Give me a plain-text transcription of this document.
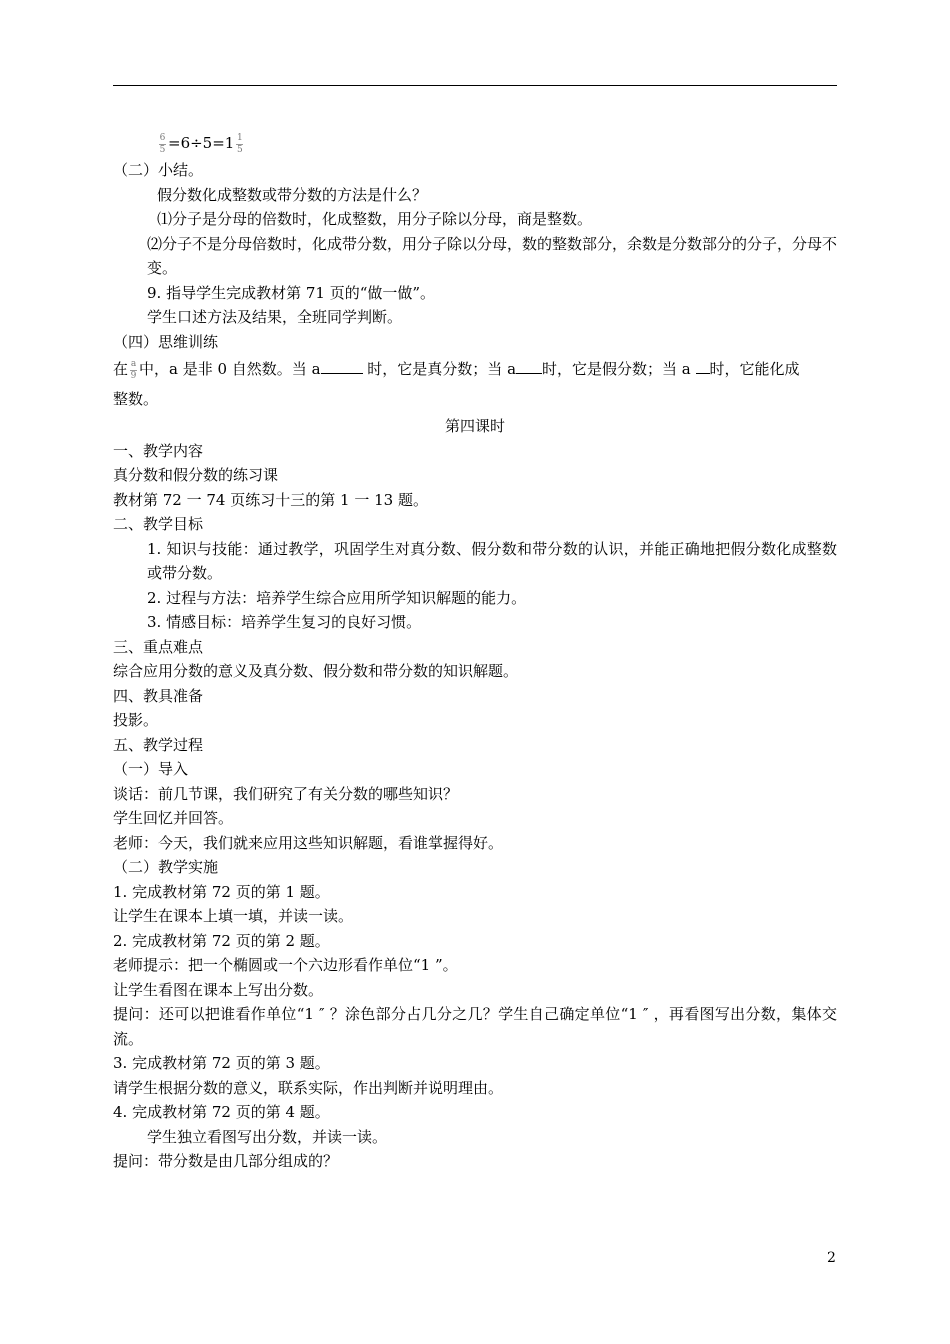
$\frac{6}{5} =6\div 5=1 \frac{1}{5}$
（二）小结。
假分数化成整数或带分数的方法是什么？
⑴分子是分母的倍数时，化成整数，用分子除以分母，商是整数。
⑵分子不是分母倍数时，化成带分数，用分子除以分母，数的整数部分，余数是分数部分的分子，分母不变。
9. 指导学生完成教材第 71 页的“做一做”。
学生口述方法及结果，全班同学判断。
（四）思维训练
在 $\frac{a}{9}$ 中，a 是非 0 自然数。当 a	时，它是真分数；当 a 时，它是假分数；当 a 时，它能化成
整数。
第四课时
一、教学内容
真分数和假分数的练习课
教材第 72 一 74 页练习十三的第 1 一 13 题。
二、教学目标
1. 知识与技能：通过教学，巩固学生对真分数、假分数和带分数的认识，并能正确地把假分数化成整数或带分数。
2. 过程与方法：培养学生综合应用所学知识解题的能力。
3. 情感目标：培养学生复习的良好习惯。
三、重点难点
综合应用分数的意义及真分数、假分数和带分数的知识解题。
四、教具准备
投影。
五、教学过程
（一）导入
谈话：前几节课，我们研究了有关分数的哪些知识？
学生回忆并回答。
老师：今天，我们就来应用这些知识解题，看谁掌握得好。
（二）教学实施
1. 完成教材第 72 页的第 1 题。
让学生在课本上填一填，并读一读。
2. 完成教材第 72 页的第 2 题。
老师提示：把一个椭圆或一个六边形看作单位“1 ”。
让学生看图在课本上写出分数。
提问：还可以把谁看作单位“1 ″ ？涂色部分占几分之几？学生自己确定单位“1 ″ ，再看图写出分数，集体交流。
3. 完成教材第 72 页的第 3 题。
请学生根据分数的意义，联系实际，作出判断并说明理由。
4. 完成教材第 72 页的第 4 题。
学生独立看图写出分数，并读一读。
提问：带分数是由几部分组成的？
2
